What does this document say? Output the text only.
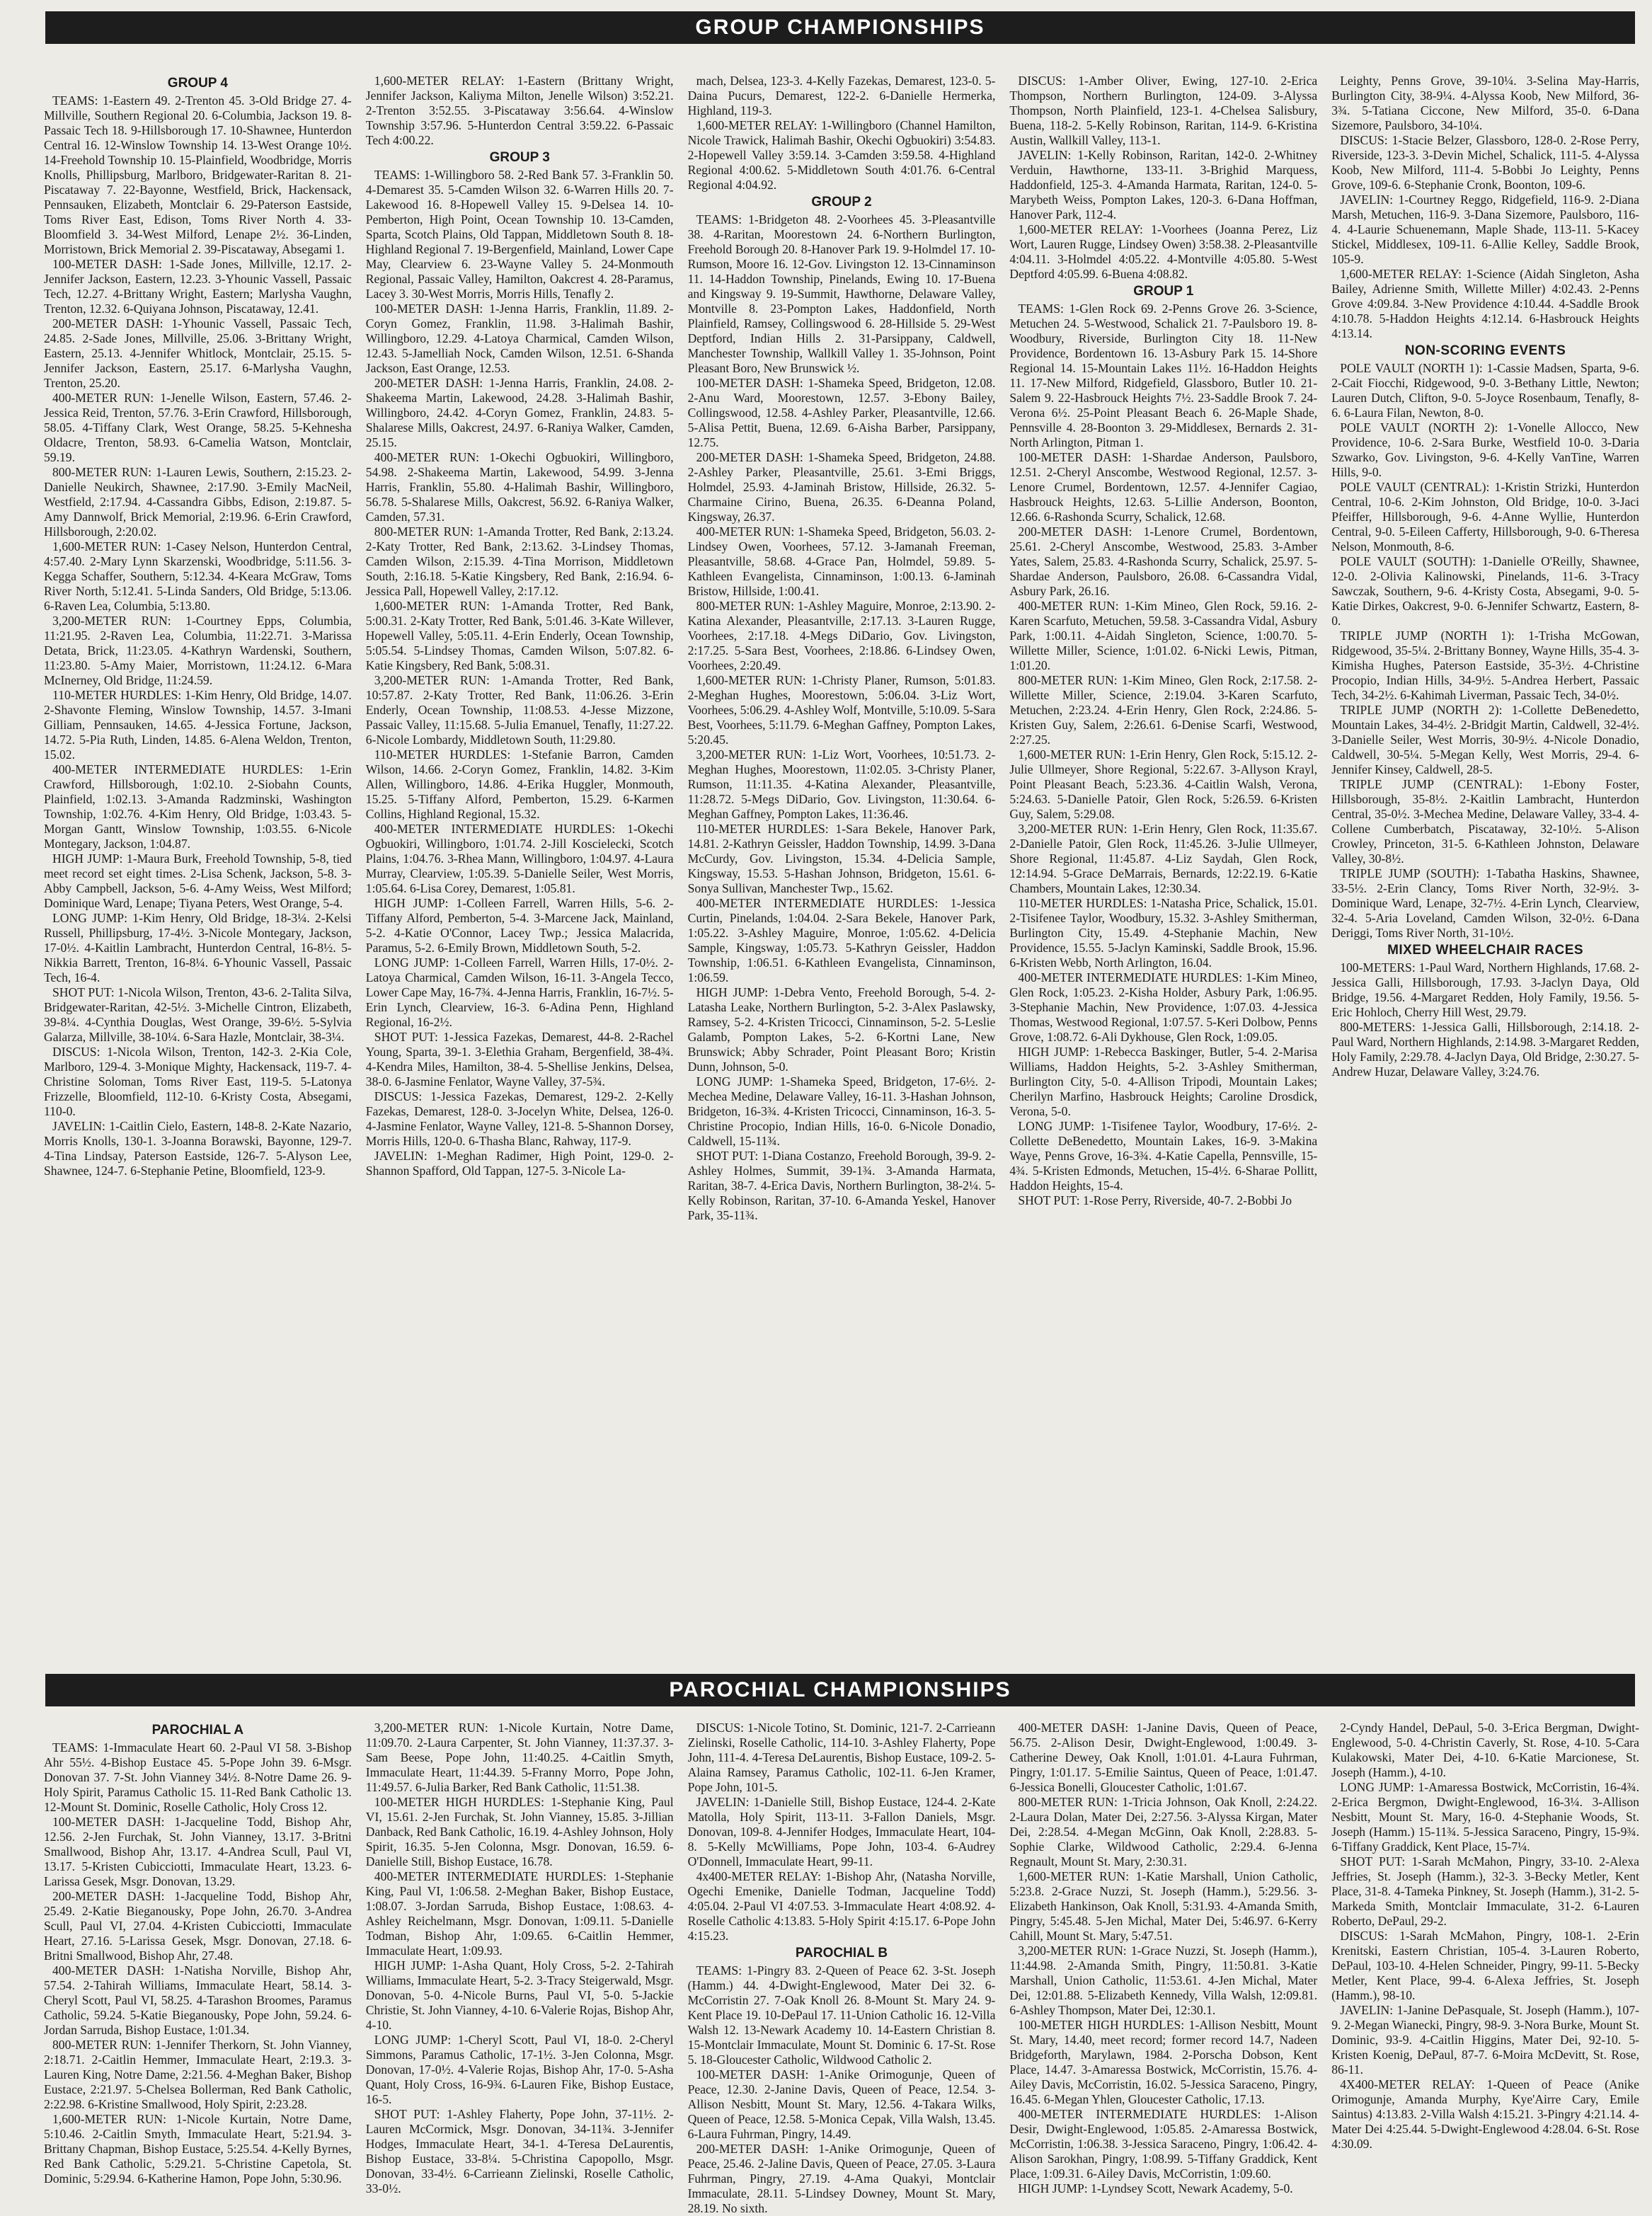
GROUP CHAMPIONSHIPS
GROUP 4

TEAMS: 1-Eastern 49. 2-Trenton 45. 3-Old Bridge 27. 4-Millville, Southern Regional 20. 6-Columbia, Jackson 19. 8-Passaic Tech 18. 9-Hillsborough 17. 10-Shawnee, Hunterdon Central 16. 12-Winslow Township 14. 13-West Orange 10½. 14-Freehold Township 10. 15-Plainfield, Woodbridge, Morris Knolls, Phillipsburg, Marlboro, Bridgewater-Raritan 8. 21-Piscataway 7. 22-Bayonne, Westfield, Brick, Hackensack, Pennsauken, Elizabeth, Montclair 6. 29-Paterson Eastside, Toms River East, Edison, Toms River North 4. 33-Bloomfield 3. 34-West Milford, Lenape 2½. 36-Linden, Morristown, Brick Memorial 2. 39-Piscataway, Absegami 1.

100-METER DASH: 1-Sade Jones, Millville, 12.17. 2-Jennifer Jackson, Eastern, 12.23. 3-Yhounic Vassell, Passaic Tech, 12.27. 4-Brittany Wright, Eastern; Marlysha Vaughn, Trenton, 12.32. 6-Quiyana Johnson, Piscataway, 12.41.

200-METER DASH: 1-Yhounic Vassell, Passaic Tech, 24.85. 2-Sade Jones, Millville, 25.06. 3-Brittany Wright, Eastern, 25.13. 4-Jennifer Whitlock, Montclair, 25.15. 5-Jennifer Jackson, Eastern, 25.17. 6-Marlysha Vaughn, Trenton, 25.20.

400-METER RUN: 1-Jenelle Wilson, Eastern, 57.46. 2-Jessica Reid, Trenton, 57.76. 3-Erin Crawford, Hillsborough, 58.05. 4-Tiffany Clark, West Orange, 58.25. 5-Kehnesha Oldacre, Trenton, 58.93. 6-Camelia Watson, Montclair, 59.19.

800-METER RUN: 1-Lauren Lewis, Southern, 2:15.23. 2-Danielle Neukirch, Shawnee, 2:17.90. 3-Emily MacNeil, Westfield, 2:17.94. 4-Cassandra Gibbs, Edison, 2:19.87. 5-Amy Dannwolf, Brick Memorial, 2:19.96. 6-Erin Crawford, Hillsborough, 2:20.02.

1,600-METER RUN: 1-Casey Nelson, Hunterdon Central, 4:57.40. 2-Mary Lynn Skarzenski, Woodbridge, 5:11.56. 3-Kegga Schaffer, Southern, 5:12.34. 4-Keara McGraw, Toms River North, 5:12.41. 5-Linda Sanders, Old Bridge, 5:13.06. 6-Raven Lea, Columbia, 5:13.80.

3,200-METER RUN: 1-Courtney Epps, Columbia, 11:21.95. 2-Raven Lea, Columbia, 11:22.71. 3-Marissa Detata, Brick, 11:23.05. 4-Kathryn Wardenski, Southern, 11:23.80. 5-Amy Maier, Morristown, 11:24.12. 6-Mara McInerney, Old Bridge, 11:24.59.

110-METER HURDLES: 1-Kim Henry, Old Bridge, 14.07. 2-Shavonte Fleming, Winslow Township, 14.57. 3-Imani Gilliam, Pennsauken, 14.65. 4-Jessica Fortune, Jackson, 14.72. 5-Pia Ruth, Linden, 14.85. 6-Alena Weldon, Trenton, 15.02.

400-METER INTERMEDIATE HURDLES: 1-Erin Crawford, Hillsborough, 1:02.10. 2-Siobahn Counts, Plainfield, 1:02.13. 3-Amanda Radzminski, Washington Township, 1:02.76. 4-Kim Henry, Old Bridge, 1:03.43. 5-Morgan Gantt, Winslow Township, 1:03.55. 6-Nicole Montegary, Jackson, 1:04.87.

HIGH JUMP: 1-Maura Burk, Freehold Township, 5-8, tied meet record set eight times. 2-Lisa Schenk, Jackson, 5-8. 3-Abby Campbell, Jackson, 5-6. 4-Amy Weiss, West Milford; Dominique Ward, Lenape; Tiyana Peters, West Orange, 5-4.

LONG JUMP: 1-Kim Henry, Old Bridge, 18-3¼. 2-Kelsi Russell, Phillipsburg, 17-4½. 3-Nicole Montegary, Jackson, 17-0½. 4-Kaitlin Lambracht, Hunterdon Central, 16-8½. 5-Nikkia Barrett, Trenton, 16-8¼. 6-Yhounic Vassell, Passaic Tech, 16-4.

SHOT PUT: 1-Nicola Wilson, Trenton, 43-6. 2-Talita Silva, Bridgewater-Raritan, 42-5½. 3-Michelle Cintron, Elizabeth, 39-8¼. 4-Cynthia Douglas, West Orange, 39-6½. 5-Sylvia Galarza, Millville, 38-10¼. 6-Sara Hazle, Montclair, 38-3¼.

DISCUS: 1-Nicola Wilson, Trenton, 142-3. 2-Kia Cole, Marlboro, 129-4. 3-Monique Mighty, Hackensack, 119-7. 4-Christine Soloman, Toms River East, 119-5. 5-Latonya Frizzelle, Bloomfield, 112-10. 6-Kristy Costa, Absegami, 110-0.

JAVELIN: 1-Caitlin Cielo, Eastern, 148-8. 2-Kate Nazario, Morris Knolls, 130-1. 3-Joanna Borawski, Bayonne, 129-7. 4-Tina Lindsay, Paterson Eastside, 126-7. 5-Alyson Lee, Shawnee, 124-7. 6-Stephanie Petine, Bloomfield, 123-9.

1,600-METER RELAY: 1-Eastern (Brittany Wright, Jennifer Jackson, Kaliyma Milton, Jenelle Wilson) 3:52.21. 2-Trenton 3:52.55. 3-Piscataway 3:56.64. 4-Winslow Township 3:57.96. 5-Hunterdon Central 3:59.22. 6-Passaic Tech 4:00.22.

GROUP 3

TEAMS: 1-Willingboro 58. 2-Red Bank 57. 3-Franklin 50. 4-Demarest 35. 5-Camden Wilson 32. 6-Warren Hills 20. 7-Lakewood 16. 8-Hopewell Valley 15. 9-Delsea 14. 10-Pemberton, High Point, Ocean Township 10. 13-Camden, Sparta, Scotch Plains, Old Tappan, Middletown South 8. 18-Highland Regional 7. 19-Bergenfield, Mainland, Lower Cape May, Clearview 6. 23-Wayne Valley 5. 24-Monmouth Regional, Passaic Valley, Hamilton, Oakcrest 4. 28-Paramus, Lacey 3. 30-West Morris, Morris Hills, Tenafly 2.

100-METER DASH: 1-Jenna Harris, Franklin, 11.89. 2-Coryn Gomez, Franklin, 11.98. 3-Halimah Bashir, Willingboro, 12.29. 4-Latoya Charmical, Camden Wilson, 12.43. 5-Jamelliah Nock, Camden Wilson, 12.51. 6-Shanda Jackson, East Orange, 12.53.

200-METER DASH: 1-Jenna Harris, Franklin, 24.08. 2-Shakeema Martin, Lakewood, 24.28. 3-Halimah Bashir, Willingboro, 24.42. 4-Coryn Gomez, Franklin, 24.83. 5-Shalarese Mills, Oakcrest, 24.97. 6-Raniya Walker, Camden, 25.15.

400-METER RUN: 1-Okechi Ogbuokiri, Willingboro, 54.98. 2-Shakeema Martin, Lakewood, 54.99. 3-Jenna Harris, Franklin, 55.80. 4-Halimah Bashir, Willingboro, 56.78. 5-Shalarese Mills, Oakcrest, 56.92. 6-Raniya Walker, Camden, 57.31.

800-METER RUN: 1-Amanda Trotter, Red Bank, 2:13.24. 2-Katy Trotter, Red Bank, 2:13.62. 3-Lindsey Thomas, Camden Wilson, 2:15.39. 4-Tina Morrison, Middletown South, 2:16.18. 5-Katie Kingsbery, Red Bank, 2:16.94. 6-Jessica Pall, Hopewell Valley, 2:17.12.

1,600-METER RUN: 1-Amanda Trotter, Red Bank, 5:00.31. 2-Katy Trotter, Red Bank, 5:01.46. 3-Kate Willever, Hopewell Valley, 5:05.11. 4-Erin Enderly, Ocean Township, 5:05.54. 5-Lindsey Thomas, Camden Wilson, 5:07.82. 6-Katie Kingsbery, Red Bank, 5:08.31.

3,200-METER RUN: 1-Amanda Trotter, Red Bank, 10:57.87. 2-Katy Trotter, Red Bank, 11:06.26. 3-Erin Enderly, Ocean Township, 11:08.53. 4-Jesse Mizzone, Passaic Valley, 11:15.68. 5-Julia Emanuel, Tenafly, 11:27.22. 6-Nicole Lombardy, Middletown South, 11:29.80.

110-METER HURDLES: 1-Stefanie Barron, Camden Wilson, 14.66. 2-Coryn Gomez, Franklin, 14.82. 3-Kim Allen, Willingboro, 14.86. 4-Erika Huggler, Monmouth, 15.25. 5-Tiffany Alford, Pemberton, 15.29. 6-Karmen Collins, Highland Regional, 15.32.

400-METER INTERMEDIATE HURDLES: 1-Okechi Ogbuokiri, Willingboro, 1:01.74. 2-Jill Koscielecki, Scotch Plains, 1:04.76. 3-Rhea Mann, Willingboro, 1:04.97. 4-Laura Murray, Clearview, 1:05.39. 5-Danielle Seiler, West Morris, 1:05.64. 6-Lisa Corey, Demarest, 1:05.81.

HIGH JUMP: 1-Colleen Farrell, Warren Hills, 5-6. 2-Tiffany Alford, Pemberton, 5-4. 3-Marcene Jack, Mainland, 5-2. 4-Katie O'Connor, Lacey Twp.; Jessica Malacrida, Paramus, 5-2. 6-Emily Brown, Middletown South, 5-2.

LONG JUMP: 1-Colleen Farrell, Warren Hills, 17-0½. 2-Latoya Charmical, Camden Wilson, 16-11. 3-Angela Tecco, Lower Cape May, 16-7¾. 4-Jenna Harris, Franklin, 16-7½. 5-Erin Lynch, Clearview, 16-3. 6-Adina Penn, Highland Regional, 16-2½.

SHOT PUT: 1-Jessica Fazekas, Demarest, 44-8. 2-Rachel Young, Sparta, 39-1. 3-Elethia Graham, Bergenfield, 38-4¾. 4-Kendra Miles, Hamilton, 38-4. 5-Shellise Jenkins, Delsea, 38-0. 6-Jasmine Fenlator, Wayne Valley, 37-5¾.

DISCUS: 1-Jessica Fazekas, Demarest, 129-2. 2-Kelly Fazekas, Demarest, 128-0. 3-Jocelyn White, Delsea, 126-0. 4-Jasmine Fenlator, Wayne Valley, 121-8. 5-Shannon Dorsey, Morris Hills, 120-0. 6-Thasha Blanc, Rahway, 117-9.

JAVELIN: 1-Meghan Radimer, High Point, 129-0. 2-Shannon Spafford, Old Tappan, 127-5. 3-Nicole La-

mach, Delsea, 123-3. 4-Kelly Fazekas, Demarest, 123-0. 5-Daina Pucurs, Demarest, 122-2. 6-Danielle Hermerka, Highland, 119-3.

1,600-METER RELAY: 1-Willingboro (Channel Hamilton, Nicole Trawick, Halimah Bashir, Okechi Ogbuokiri) 3:54.83. 2-Hopewell Valley 3:59.14. 3-Camden 3:59.58. 4-Highland Regional 4:00.62. 5-Middletown South 4:01.76. 6-Central Regional 4:04.92.

GROUP 2

TEAMS: 1-Bridgeton 48. 2-Voorhees 45. 3-Pleasantville 38. 4-Raritan, Moorestown 24. 6-Northern Burlington, Freehold Borough 20. 8-Hanover Park 19. 9-Holmdel 17. 10-Rumson, Moore 16. 12-Gov. Livingston 12. 13-Cinnaminson 11. 14-Haddon Township, Pinelands, Ewing 10. 17-Buena and Kingsway 9. 19-Summit, Hawthorne, Delaware Valley, Montville 8. 23-Pompton Lakes, Haddonfield, North Plainfield, Ramsey, Collingswood 6. 28-Hillside 5. 29-West Deptford, Indian Hills 2. 31-Parsippany, Caldwell, Manchester Township, Wallkill Valley 1. 35-Johnson, Point Pleasant Boro, New Brunswick ½.

100-METER DASH: 1-Shameka Speed, Bridgeton, 12.08. 2-Anu Ward, Moorestown, 12.57. 3-Ebony Bailey, Collingswood, 12.58. 4-Ashley Parker, Pleasantville, 12.66. 5-Alisa Pettit, Buena, 12.69. 6-Aisha Barber, Parsippany, 12.75.

200-METER DASH: 1-Shameka Speed, Bridgeton, 24.88. 2-Ashley Parker, Pleasantville, 25.61. 3-Emi Briggs, Holmdel, 25.93. 4-Jaminah Bristow, Hillside, 26.32. 5-Charmaine Cirino, Buena, 26.35. 6-Deanna Poland, Kingsway, 26.37.

400-METER RUN: 1-Shameka Speed, Bridgeton, 56.03. 2-Lindsey Owen, Voorhees, 57.12. 3-Jamanah Freeman, Pleasantville, 58.68. 4-Grace Pan, Holmdel, 59.89. 5-Kathleen Evangelista, Cinnaminson, 1:00.13. 6-Jaminah Bristow, Hillside, 1:00.41.

800-METER RUN: 1-Ashley Maguire, Monroe, 2:13.90. 2-Katina Alexander, Pleasantville, 2:17.13. 3-Lauren Rugge, Voorhees, 2:17.18. 4-Megs DiDario, Gov. Livingston, 2:17.25. 5-Sara Best, Voorhees, 2:18.86. 6-Lindsey Owen, Voorhees, 2:20.49.

1,600-METER RUN: 1-Christy Planer, Rumson, 5:01.83. 2-Meghan Hughes, Moorestown, 5:06.04. 3-Liz Wort, Voorhees, 5:06.29. 4-Ashley Wolf, Montville, 5:10.09. 5-Sara Best, Voorhees, 5:11.79. 6-Meghan Gaffney, Pompton Lakes, 5:20.45.

3,200-METER RUN: 1-Liz Wort, Voorhees, 10:51.73. 2-Meghan Hughes, Moorestown, 11:02.05. 3-Christy Planer, Rumson, 11:11.35. 4-Katina Alexander, Pleasantville, 11:28.72. 5-Megs DiDario, Gov. Livingston, 11:30.64. 6-Meghan Gaffney, Pompton Lakes, 11:36.46.

110-METER HURDLES: 1-Sara Bekele, Hanover Park, 14.81. 2-Kathryn Geissler, Haddon Township, 14.99. 3-Dana McCurdy, Gov. Livingston, 15.34. 4-Delicia Sample, Kingsway, 15.53. 5-Hashan Johnson, Bridgeton, 15.61. 6-Sonya Sullivan, Manchester Twp., 15.62.

400-METER INTERMEDIATE HURDLES: 1-Jessica Curtin, Pinelands, 1:04.04. 2-Sara Bekele, Hanover Park, 1:05.22. 3-Ashley Maguire, Monroe, 1:05.62. 4-Delicia Sample, Kingsway, 1:05.73. 5-Kathryn Geissler, Haddon Township, 1:06.51. 6-Kathleen Evangelista, Cinnaminson, 1:06.59.

HIGH JUMP: 1-Debra Vento, Freehold Borough, 5-4. 2-Latasha Leake, Northern Burlington, 5-2. 3-Alex Paslawsky, Ramsey, 5-2. 4-Kristen Tricocci, Cinnaminson, 5-2. 5-Leslie Galamb, Pompton Lakes, 5-2. 6-Kortni Lane, New Brunswick; Abby Schrader, Point Pleasant Boro; Kristin Dunn, Johnson, 5-0.

LONG JUMP: 1-Shameka Speed, Bridgeton, 17-6½. 2-Mechea Medine, Delaware Valley, 16-11. 3-Hashan Johnson, Bridgeton, 16-3¾. 4-Kristen Tricocci, Cinnaminson, 16-3. 5-Christine Procopio, Indian Hills, 16-0. 6-Nicole Donadio, Caldwell, 15-11¾.

SHOT PUT: 1-Diana Costanzo, Freehold Borough, 39-9. 2-Ashley Holmes, Summit, 39-1¾. 3-Amanda Harmata, Raritan, 38-7. 4-Erica Davis, Northern Burlington, 38-2¼. 5-Kelly Robinson, Raritan, 37-10. 6-Amanda Yeskel, Hanover Park, 35-11¾.

DISCUS: 1-Amber Oliver, Ewing, 127-10. 2-Erica Thompson, Northern Burlington, 124-09. 3-Alyssa Thompson, North Plainfield, 123-1. 4-Chelsea Salisbury, Buena, 118-2. 5-Kelly Robinson, Raritan, 114-9. 6-Kristina Austin, Wallkill Valley, 113-1.

JAVELIN: 1-Kelly Robinson, Raritan, 142-0. 2-Whitney Verduin, Hawthorne, 133-11. 3-Brighid Marquess, Haddonfield, 125-3. 4-Amanda Harmata, Raritan, 124-0. 5-Marybeth Weiss, Pompton Lakes, 120-3. 6-Dana Hoffman, Hanover Park, 112-4.

1,600-METER RELAY: 1-Voorhees (Joanna Perez, Liz Wort, Lauren Rugge, Lindsey Owen) 3:58.38. 2-Pleasantville 4:04.11. 3-Holmdel 4:05.22. 4-Montville 4:05.80. 5-West Deptford 4:05.99. 6-Buena 4:08.82.

GROUP 1

TEAMS: 1-Glen Rock 69. 2-Penns Grove 26. 3-Science, Metuchen 24. 5-Westwood, Schalick 21. 7-Paulsboro 19. 8-Woodbury, Riverside, Burlington City 18. 11-New Providence, Bordentown 16. 13-Asbury Park 15. 14-Shore Regional 14. 15-Mountain Lakes 11½. 16-Haddon Heights 11. 17-New Milford, Ridgefield, Glassboro, Butler 10. 21-Salem 9. 22-Hasbrouck Heights 7½. 23-Saddle Brook 7. 24-Verona 6½. 25-Point Pleasant Beach 6. 26-Maple Shade, Pennsville 4. 28-Boonton 3. 29-Middlesex, Bernards 2. 31-North Arlington, Pitman 1.

100-METER DASH: 1-Shardae Anderson, Paulsboro, 12.51. 2-Cheryl Anscombe, Westwood Regional, 12.57. 3-Lenore Crumel, Bordentown, 12.57. 4-Jennifer Cagiao, Hasbrouck Heights, 12.63. 5-Lillie Anderson, Boonton, 12.66. 6-Rashonda Scurry, Schalick, 12.68.

200-METER DASH: 1-Lenore Crumel, Bordentown, 25.61. 2-Cheryl Anscombe, Westwood, 25.83. 3-Amber Yates, Salem, 25.83. 4-Rashonda Scurry, Schalick, 25.97. 5-Shardae Anderson, Paulsboro, 26.08. 6-Cassandra Vidal, Asbury Park, 26.16.

400-METER RUN: 1-Kim Mineo, Glen Rock, 59.16. 2-Karen Scarfuto, Metuchen, 59.58. 3-Cassandra Vidal, Asbury Park, 1:00.11. 4-Aidah Singleton, Science, 1:00.70. 5-Willette Miller, Science, 1:01.02. 6-Nicki Lewis, Pitman, 1:01.20.

800-METER RUN: 1-Kim Mineo, Glen Rock, 2:17.58. 2-Willette Miller, Science, 2:19.04. 3-Karen Scarfuto, Metuchen, 2:23.24. 4-Erin Henry, Glen Rock, 2:24.86. 5-Kristen Guy, Salem, 2:26.61. 6-Denise Scarfi, Westwood, 2:27.25.

1,600-METER RUN: 1-Erin Henry, Glen Rock, 5:15.12. 2-Julie Ullmeyer, Shore Regional, 5:22.67. 3-Allyson Krayl, Point Pleasant Beach, 5:23.36. 4-Caitlin Walsh, Verona, 5:24.63. 5-Danielle Patoir, Glen Rock, 5:26.59. 6-Kristen Guy, Salem, 5:29.08.

3,200-METER RUN: 1-Erin Henry, Glen Rock, 11:35.67. 2-Danielle Patoir, Glen Rock, 11:45.26. 3-Julie Ullmeyer, Shore Regional, 11:45.87. 4-Liz Saydah, Glen Rock, 12:14.94. 5-Grace DeMarrais, Bernards, 12:22.19. 6-Katie Chambers, Mountain Lakes, 12:30.34.

110-METER HURDLES: 1-Natasha Price, Schalick, 15.01. 2-Tisifenee Taylor, Woodbury, 15.32. 3-Ashley Smitherman, Burlington City, 15.49. 4-Stephanie Machin, New Providence, 15.55. 5-Jaclyn Kaminski, Saddle Brook, 15.96. 6-Kristen Webb, North Arlington, 16.04.

400-METER INTERMEDIATE HURDLES: 1-Kim Mineo, Glen Rock, 1:05.23. 2-Kisha Holder, Asbury Park, 1:06.95. 3-Stephanie Machin, New Providence, 1:07.03. 4-Jessica Thomas, Westwood Regional, 1:07.57. 5-Keri Dolbow, Penns Grove, 1:08.72. 6-Ali Dykhouse, Glen Rock, 1:09.05.

HIGH JUMP: 1-Rebecca Baskinger, Butler, 5-4. 2-Marisa Williams, Haddon Heights, 5-2. 3-Ashley Smitherman, Burlington City, 5-0. 4-Allison Tripodi, Mountain Lakes; Cherilyn Marfino, Hasbrouck Heights; Caroline Drosdick, Verona, 5-0.

LONG JUMP: 1-Tisifenee Taylor, Woodbury, 17-6½. 2-Collette DeBenedetto, Mountain Lakes, 16-9. 3-Makina Waye, Penns Grove, 16-3¾. 4-Katie Capella, Pennsville, 15-4¾. 5-Kristen Edmonds, Metuchen, 15-4½. 6-Sharae Pollitt, Haddon Heights, 15-4.

SHOT PUT: 1-Rose Perry, Riverside, 40-7. 2-Bobbi Jo

Leighty, Penns Grove, 39-10¼. 3-Selina May-Harris, Burlington City, 38-9¼. 4-Alyssa Koob, New Milford, 36-3¾. 5-Tatiana Ciccone, New Milford, 35-0. 6-Dana Sizemore, Paulsboro, 34-10¼.

DISCUS: 1-Stacie Belzer, Glassboro, 128-0. 2-Rose Perry, Riverside, 123-3. 3-Devin Michel, Schalick, 111-5. 4-Alyssa Koob, New Milford, 111-4. 5-Bobbi Jo Leighty, Penns Grove, 109-6. 6-Stephanie Cronk, Boonton, 109-6.

JAVELIN: 1-Courtney Reggo, Ridgefield, 116-9. 2-Diana Marsh, Metuchen, 116-9. 3-Dana Sizemore, Paulsboro, 116-4. 4-Laurie Schuenemann, Maple Shade, 113-11. 5-Kacey Stickel, Middlesex, 109-11. 6-Allie Kelley, Saddle Brook, 105-9.

1,600-METER RELAY: 1-Science (Aidah Singleton, Asha Bailey, Adrienne Smith, Willette Miller) 4:02.43. 2-Penns Grove 4:09.84. 3-New Providence 4:10.44. 4-Saddle Brook 4:10.78. 5-Haddon Heights 4:12.14. 6-Hasbrouck Heights 4:13.14.

NON-SCORING EVENTS

POLE VAULT (NORTH 1): 1-Cassie Madsen, Sparta, 9-6. 2-Cait Fiocchi, Ridgewood, 9-0. 3-Bethany Little, Newton; Lauren Dutch, Clifton, 9-0. 5-Joyce Rosenbaum, Tenafly, 8-6. 6-Laura Filan, Newton, 8-0.

POLE VAULT (NORTH 2): 1-Vonelle Allocco, New Providence, 10-6. 2-Sara Burke, Westfield 10-0. 3-Daria Szwarko, Gov. Livingston, 9-6. 4-Kelly VanTine, Warren Hills, 9-0.

POLE VAULT (CENTRAL): 1-Kristin Strizki, Hunterdon Central, 10-6. 2-Kim Johnston, Old Bridge, 10-0. 3-Jaci Pfeiffer, Hillsborough, 9-6. 4-Anne Wyllie, Hunterdon Central, 9-0. 5-Eileen Cafferty, Hillsborough, 9-0. 6-Theresa Nelson, Monmouth, 8-6.

POLE VAULT (SOUTH): 1-Danielle O'Reilly, Shawnee, 12-0. 2-Olivia Kalinowski, Pinelands, 11-6. 3-Tracy Sawczak, Southern, 9-6. 4-Kristy Costa, Absegami, 9-0. 5-Katie Dirkes, Oakcrest, 9-0. 6-Jennifer Schwartz, Eastern, 8-0.

TRIPLE JUMP (NORTH 1): 1-Trisha McGowan, Ridgewood, 35-5¼. 2-Brittany Bonney, Wayne Hills, 35-4. 3-Kimisha Hughes, Paterson Eastside, 35-3½. 4-Christine Procopio, Indian Hills, 34-9½. 5-Andrea Herbert, Passaic Tech, 34-2½. 6-Kahimah Liverman, Passaic Tech, 34-0½.

TRIPLE JUMP (NORTH 2): 1-Collette DeBenedetto, Mountain Lakes, 34-4½. 2-Bridgit Martin, Caldwell, 32-4½. 3-Danielle Seiler, West Morris, 30-9½. 4-Nicole Donadio, Caldwell, 30-5¼. 5-Megan Kelly, West Morris, 29-4. 6-Jennifer Kinsey, Caldwell, 28-5.

TRIPLE JUMP (CENTRAL): 1-Ebony Foster, Hillsborough, 35-8½. 2-Kaitlin Lambracht, Hunterdon Central, 35-0½. 3-Mechea Medine, Delaware Valley, 33-4. 4-Collene Cumberbatch, Piscataway, 32-10½. 5-Alison Crowley, Princeton, 31-5. 6-Kathleen Johnston, Delaware Valley, 30-8½.

TRIPLE JUMP (SOUTH): 1-Tabatha Haskins, Shawnee, 33-5½. 2-Erin Clancy, Toms River North, 32-9½. 3-Dominique Ward, Lenape, 32-7½. 4-Erin Lynch, Clearview, 32-4. 5-Aria Loveland, Camden Wilson, 32-0½. 6-Dana Deriggi, Toms River North, 31-10½.

MIXED WHEELCHAIR RACES

100-METERS: 1-Paul Ward, Northern Highlands, 17.68. 2-Jessica Galli, Hillsborough, 17.93. 3-Jaclyn Daya, Old Bridge, 19.56. 4-Margaret Redden, Holy Family, 19.56. 5-Eric Hohloch, Cherry Hill West, 29.79.

800-METERS: 1-Jessica Galli, Hillsborough, 2:14.18. 2-Paul Ward, Northern Highlands, 2:14.98. 3-Margaret Redden, Holy Family, 2:29.78. 4-Jaclyn Daya, Old Bridge, 2:30.27. 5-Andrew Huzar, Delaware Valley, 3:24.76.

PAROCHIAL CHAMPIONSHIPS
PAROCHIAL A

TEAMS: 1-Immaculate Heart 60. 2-Paul VI 58. 3-Bishop Ahr 55½. 4-Bishop Eustace 45. 5-Pope John 39. 6-Msgr. Donovan 37. 7-St. John Vianney 34½. 8-Notre Dame 26. 9-Holy Spirit, Paramus Catholic 15. 11-Red Bank Catholic 13. 12-Mount St. Dominic, Roselle Catholic, Holy Cross 12.

100-METER DASH: 1-Jacqueline Todd, Bishop Ahr, 12.56. 2-Jen Furchak, St. John Vianney, 13.17. 3-Britni Smallwood, Bishop Ahr, 13.17. 4-Andrea Scull, Paul VI, 13.17. 5-Kristen Cubicciotti, Immaculate Heart, 13.23. 6-Larissa Gesek, Msgr. Donovan, 13.29.

200-METER DASH: 1-Jacqueline Todd, Bishop Ahr, 25.49. 2-Katie Bieganousky, Pope John, 26.70. 3-Andrea Scull, Paul VI, 27.04. 4-Kristen Cubicciotti, Immaculate Heart, 27.16. 5-Larissa Gesek, Msgr. Donovan, 27.18. 6-Britni Smallwood, Bishop Ahr, 27.48.

400-METER DASH: 1-Natisha Norville, Bishop Ahr, 57.54. 2-Tahirah Williams, Immaculate Heart, 58.14. 3-Cheryl Scott, Paul VI, 58.25. 4-Tarashon Broomes, Paramus Catholic, 59.24. 5-Katie Bieganousky, Pope John, 59.24. 6-Jordan Sarruda, Bishop Eustace, 1:01.34.

800-METER RUN: 1-Jennifer Therkorn, St. John Vianney, 2:18.71. 2-Caitlin Hemmer, Immaculate Heart, 2:19.3. 3-Lauren King, Notre Dame, 2:21.56. 4-Meghan Baker, Bishop Eustace, 2:21.97. 5-Chelsea Bollerman, Red Bank Catholic, 2:22.98. 6-Kristine Smallwood, Holy Spirit, 2:23.28.

1,600-METER RUN: 1-Nicole Kurtain, Notre Dame, 5:10.46. 2-Caitlin Smyth, Immaculate Heart, 5:21.94. 3-Brittany Chapman, Bishop Eustace, 5:25.54. 4-Kelly Byrnes, Red Bank Catholic, 5:29.21. 5-Christine Capetola, St. Dominic, 5:29.94. 6-Katherine Hamon, Pope John, 5:30.96.

3,200-METER RUN: 1-Nicole Kurtain, Notre Dame, 11:09.70. 2-Laura Carpenter, St. John Vianney, 11:37.37. 3-Sam Beese, Pope John, 11:40.25. 4-Caitlin Smyth, Immaculate Heart, 11:44.39. 5-Franny Morro, Pope John, 11:49.57. 6-Julia Barker, Red Bank Catholic, 11:51.38.

100-METER HIGH HURDLES: 1-Stephanie King, Paul VI, 15.61. 2-Jen Furchak, St. John Vianney, 15.85. 3-Jillian Danback, Red Bank Catholic, 16.19. 4-Ashley Johnson, Holy Spirit, 16.35. 5-Jen Colonna, Msgr. Donovan, 16.59. 6-Danielle Still, Bishop Eustace, 16.78.

400-METER INTERMEDIATE HURDLES: 1-Stephanie King, Paul VI, 1:06.58. 2-Meghan Baker, Bishop Eustace, 1:08.07. 3-Jordan Sarruda, Bishop Eustace, 1:08.63. 4-Ashley Reichelmann, Msgr. Donovan, 1:09.11. 5-Danielle Todman, Bishop Ahr, 1:09.65. 6-Caitlin Hemmer, Immaculate Heart, 1:09.93.

HIGH JUMP: 1-Asha Quant, Holy Cross, 5-2. 2-Tahirah Williams, Immaculate Heart, 5-2. 3-Tracy Steigerwald, Msgr. Donovan, 5-0. 4-Nicole Burns, Paul VI, 5-0. 5-Jackie Christie, St. John Vianney, 4-10. 6-Valerie Rojas, Bishop Ahr, 4-10.

LONG JUMP: 1-Cheryl Scott, Paul VI, 18-0. 2-Cheryl Simmons, Paramus Catholic, 17-1½. 3-Jen Colonna, Msgr. Donovan, 17-0½. 4-Valerie Rojas, Bishop Ahr, 17-0. 5-Asha Quant, Holy Cross, 16-9¾. 6-Lauren Fike, Bishop Eustace, 16-5.

SHOT PUT: 1-Ashley Flaherty, Pope John, 37-11½. 2-Lauren McCormick, Msgr. Donovan, 34-11¾. 3-Jennifer Hodges, Immaculate Heart, 34-1. 4-Teresa DeLaurentis, Bishop Eustace, 33-8¼. 5-Christina Capopollo, Msgr. Donovan, 33-4½. 6-Carrieann Zielinski, Roselle Catholic, 33-0½.

DISCUS: 1-Nicole Totino, St. Dominic, 121-7. 2-Carrieann Zielinski, Roselle Catholic, 114-10. 3-Ashley Flaherty, Pope John, 111-4. 4-Teresa DeLaurentis, Bishop Eustace, 109-2. 5-Alaina Ramsey, Paramus Catholic, 102-11. 6-Jen Kramer, Pope John, 101-5.

JAVELIN: 1-Danielle Still, Bishop Eustace, 124-4. 2-Kate Matolla, Holy Spirit, 113-11. 3-Fallon Daniels, Msgr. Donovan, 109-8. 4-Jennifer Hodges, Immaculate Heart, 104-8. 5-Kelly McWilliams, Pope John, 103-4. 6-Audrey O'Donnell, Immaculate Heart, 99-11.

4x400-METER RELAY: 1-Bishop Ahr, (Natasha Norville, Ogechi Emenike, Danielle Todman, Jacqueline Todd) 4:05.04. 2-Paul VI 4:07.53. 3-Immaculate Heart 4:08.92. 4-Roselle Catholic 4:13.83. 5-Holy Spirit 4:15.17. 6-Pope John 4:15.23.

PAROCHIAL B

TEAMS: 1-Pingry 83. 2-Queen of Peace 62. 3-St. Joseph (Hamm.) 44. 4-Dwight-Englewood, Mater Dei 32. 6-McCorristin 27. 7-Oak Knoll 26. 8-Mount St. Mary 24. 9-Kent Place 19. 10-DePaul 17. 11-Union Catholic 16. 12-Villa Walsh 12. 13-Newark Academy 10. 14-Eastern Christian 8. 15-Montclair Immaculate, Mount St. Dominic 6. 17-St. Rose 5. 18-Gloucester Catholic, Wildwood Catholic 2.

100-METER DASH: 1-Anike Orimogunje, Queen of Peace, 12.30. 2-Janine Davis, Queen of Peace, 12.54. 3-Allison Nesbitt, Mount St. Mary, 12.56. 4-Takara Wilks, Queen of Peace, 12.58. 5-Monica Cepak, Villa Walsh, 13.45. 6-Laura Fuhrman, Pingry, 14.49.

200-METER DASH: 1-Anike Orimogunje, Queen of Peace, 25.46. 2-Jaline Davis, Queen of Peace, 27.05. 3-Laura Fuhrman, Pingry, 27.19. 4-Ama Quakyi, Montclair Immaculate, 28.11. 5-Lindsey Downey, Mount St. Mary, 28.19. No sixth.

400-METER DASH: 1-Janine Davis, Queen of Peace, 56.75. 2-Alison Desir, Dwight-Englewood, 1:00.49. 3-Catherine Dewey, Oak Knoll, 1:01.01. 4-Laura Fuhrman, Pingry, 1:01.17. 5-Emilie Saintus, Queen of Peace, 1:01.47. 6-Jessica Bonelli, Gloucester Catholic, 1:01.67.

800-METER RUN: 1-Tricia Johnson, Oak Knoll, 2:24.22. 2-Laura Dolan, Mater Dei, 2:27.56. 3-Alyssa Kirgan, Mater Dei, 2:28.54. 4-Megan McGinn, Oak Knoll, 2:28.83. 5-Sophie Clarke, Wildwood Catholic, 2:29.4. 6-Jenna Regnault, Mount St. Mary, 2:30.31.

1,600-METER RUN: 1-Katie Marshall, Union Catholic, 5:23.8. 2-Grace Nuzzi, St. Joseph (Hamm.), 5:29.56. 3-Elizabeth Hankinson, Oak Knoll, 5:31.93. 4-Amanda Smith, Pingry, 5:45.48. 5-Jen Michal, Mater Dei, 5:46.97. 6-Kerry Cahill, Mount St. Mary, 5:47.51.

3,200-METER RUN: 1-Grace Nuzzi, St. Joseph (Hamm.), 11:44.98. 2-Amanda Smith, Pingry, 11:50.81. 3-Katie Marshall, Union Catholic, 11:53.61. 4-Jen Michal, Mater Dei, 12:01.88. 5-Elizabeth Kennedy, Villa Walsh, 12:09.81. 6-Ashley Thompson, Mater Dei, 12:30.1.

100-METER HIGH HURDLES: 1-Allison Nesbitt, Mount St. Mary, 14.40, meet record; former record 14.7, Nadeen Bridgeforth, Marylawn, 1984. 2-Porscha Dobson, Kent Place, 14.47. 3-Amaressa Bostwick, McCorristin, 15.76. 4-Ailey Davis, McCorristin, 16.02. 5-Jessica Saraceno, Pingry, 16.45. 6-Megan Yhlen, Gloucester Catholic, 17.13.

400-METER INTERMEDIATE HURDLES: 1-Alison Desir, Dwight-Englewood, 1:05.85. 2-Amaressa Bostwick, McCorristin, 1:06.38. 3-Jessica Saraceno, Pingry, 1:06.42. 4-Alison Sarokhan, Pingry, 1:08.99. 5-Tiffany Graddick, Kent Place, 1:09.31. 6-Ailey Davis, McCorristin, 1:09.60.

HIGH JUMP: 1-Lyndsey Scott, Newark Academy, 5-0.

2-Cyndy Handel, DePaul, 5-0. 3-Erica Bergman, Dwight-Englewood, 5-0. 4-Christin Caverly, St. Rose, 4-10. 5-Cara Kulakowski, Mater Dei, 4-10. 6-Katie Marcionese, St. Joseph (Hamm.), 4-10.

LONG JUMP: 1-Amaressa Bostwick, McCorristin, 16-4¾. 2-Erica Bergmon, Dwight-Englewood, 16-3¼. 3-Allison Nesbitt, Mount St. Mary, 16-0. 4-Stephanie Woods, St. Joseph (Hamm.) 15-11¾. 5-Jessica Saraceno, Pingry, 15-9¾. 6-Tiffany Graddick, Kent Place, 15-7¼.

SHOT PUT: 1-Sarah McMahon, Pingry, 33-10. 2-Alexa Jeffries, St. Joseph (Hamm.), 32-3. 3-Becky Metler, Kent Place, 31-8. 4-Tameka Pinkney, St. Joseph (Hamm.), 31-2. 5-Markeda Smith, Montclair Immaculate, 31-2. 6-Lauren Roberto, DePaul, 29-2.

DISCUS: 1-Sarah McMahon, Pingry, 108-1. 2-Erin Krenitski, Eastern Christian, 105-4. 3-Lauren Roberto, DePaul, 103-10. 4-Helen Schneider, Pingry, 99-11. 5-Becky Metler, Kent Place, 99-4. 6-Alexa Jeffries, St. Joseph (Hamm.), 98-10.

JAVELIN: 1-Janine DePasquale, St. Joseph (Hamm.), 107-9. 2-Megan Wianecki, Pingry, 98-9. 3-Nora Burke, Mount St. Dominic, 93-9. 4-Caitlin Higgins, Mater Dei, 92-10. 5-Kristen Koenig, DePaul, 87-7. 6-Moira McDevitt, St. Rose, 86-11.

4X400-METER RELAY: 1-Queen of Peace (Anike Orimogunje, Amanda Murphy, Kye'Airre Cary, Emile Saintus) 4:13.83. 2-Villa Walsh 4:15.21. 3-Pingry 4:21.14. 4-Mater Dei 4:25.44. 5-Dwight-Englewood 4:28.04. 6-St. Rose 4:30.09.
